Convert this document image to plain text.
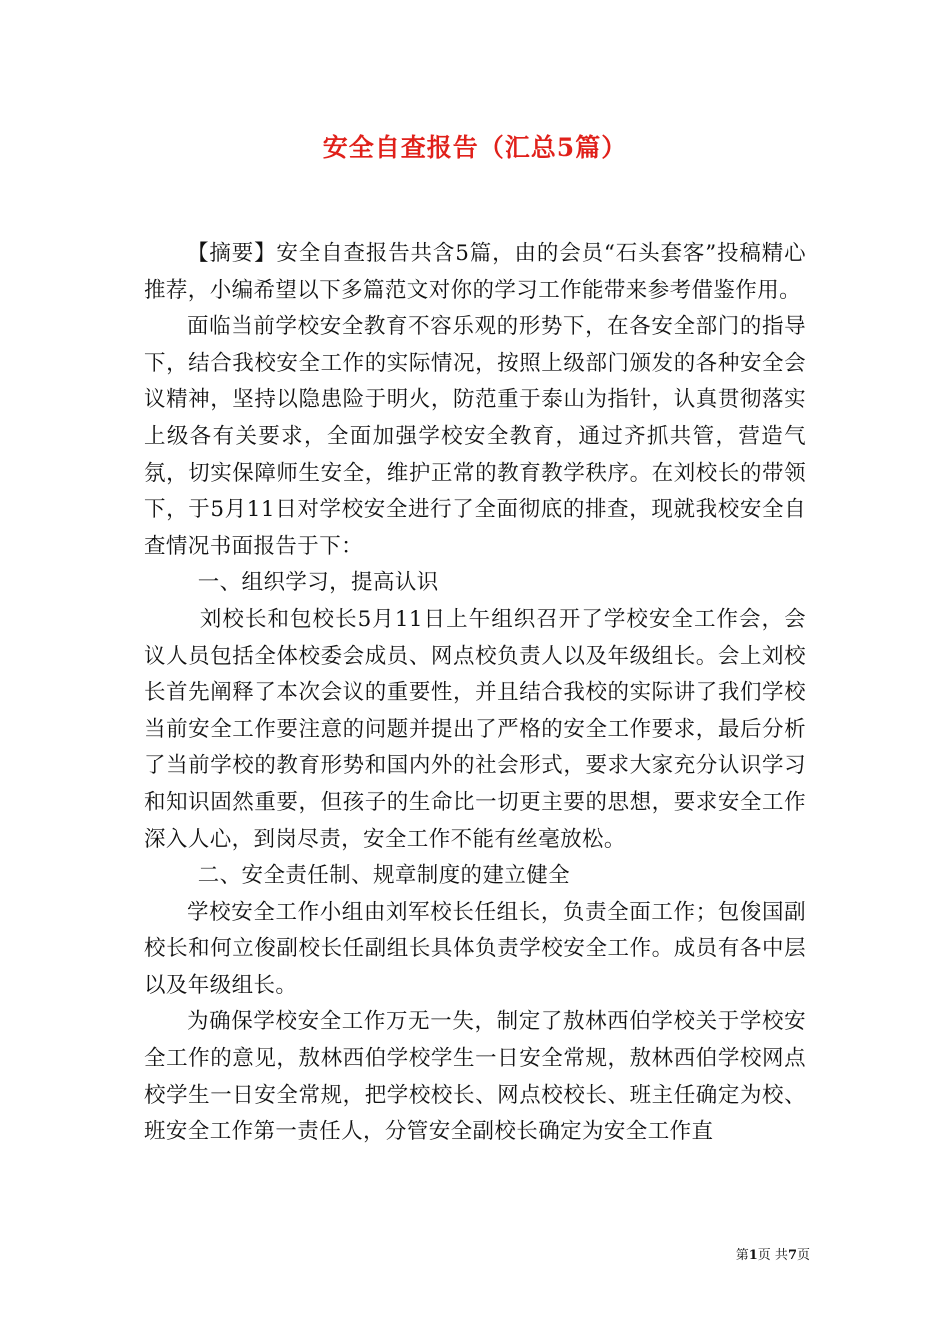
安全自查报告（汇总5篇）

【摘要】安全自查报告共含5篇，由的会员“石头套客”投稿精心推荐，小编希望以下多篇范文对你的学习工作能带来参考借鉴作用。

面临当前学校安全教育不容乐观的形势下，在各安全部门的指导下，结合我校安全工作的实际情况，按照上级部门颁发的各种安全会议精神，坚持以隐患险于明火，防范重于泰山为指针，认真贯彻落实上级各有关要求，全面加强学校安全教育，通过齐抓共管，营造气氛，切实保障师生安全，维护正常的教育教学秩序。在刘校长的带领下，于5月11日对学校安全进行了全面彻底的排查，现就我校安全自查情况书面报告于下：

一、组织学习，提高认识

刘校长和包校长5月11日上午组织召开了学校安全工作会，会议人员包括全体校委会成员、网点校负责人以及年级组长。会上刘校长首先阐释了本次会议的重要性，并且结合我校的实际讲了我们学校当前安全工作要注意的问题并提出了严格的安全工作要求，最后分析了当前学校的教育形势和国内外的社会形式，要求大家充分认识学习和知识固然重要，但孩子的生命比一切更主要的思想，要求安全工作深入人心，到岗尽责，安全工作不能有丝毫放松。

二、安全责任制、规章制度的建立健全

学校安全工作小组由刘军校长任组长，负责全面工作；包俊国副校长和何立俊副校长任副组长具体负责学校安全工作。成员有各中层以及年级组长。

为确保学校安全工作万无一失，制定了敖林西伯学校关于学校安全工作的意见，敖林西伯学校学生一日安全常规，敖林西伯学校网点校学生一日安全常规，把学校校长、网点校校长、班主任确定为校、班安全工作第一责任人，分管安全副校长确定为安全工作直

第1页 共7页
